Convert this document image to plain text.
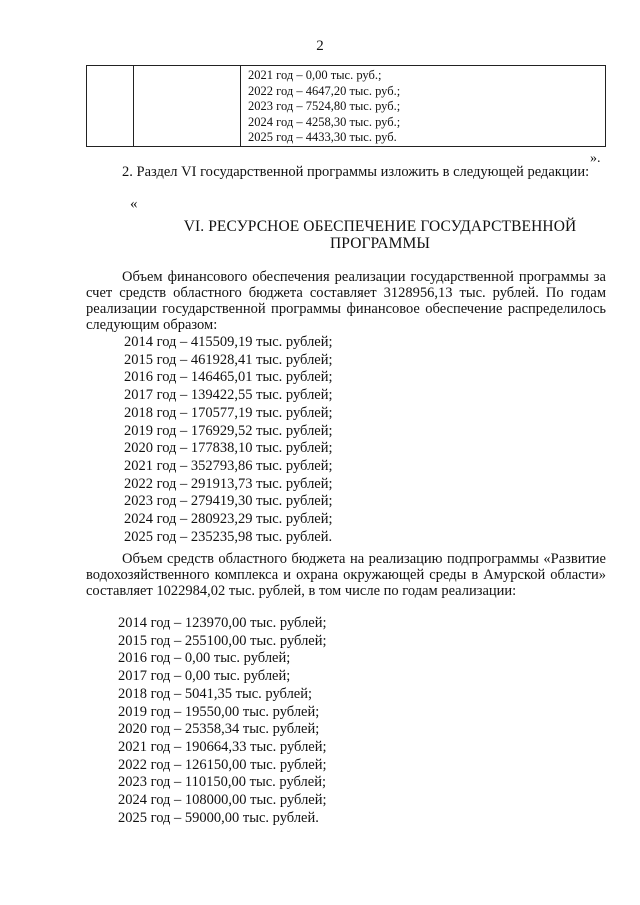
2

2021 год – 0,00 тыс. руб.;
2022 год – 4647,20 тыс. руб.;
2023 год – 7524,80 тыс. руб.;
2024 год – 4258,30 тыс. руб.;
2025 год – 4433,30 тыс. руб.
».
2. Раздел VI государственной программы изложить в следующей редакции:
«
VI. РЕСУРСНОЕ ОБЕСПЕЧЕНИЕ ГОСУДАРСТВЕННОЙ
ПРОГРАММЫ
Объем финансового обеспечения реализации государственной программы за счет средств областного бюджета составляет 3128956,13 тыс. рублей. По годам реализации государственной программы финансовое обеспечение распределилось следующим образом:
2014 год – 415509,19 тыс. рублей;
2015 год – 461928,41 тыс. рублей;
2016 год – 146465,01 тыс. рублей;
2017 год – 139422,55 тыс. рублей;
2018 год – 170577,19 тыс. рублей;
2019 год – 176929,52 тыс. рублей;
2020 год – 177838,10 тыс. рублей;
2021 год – 352793,86 тыс. рублей;
2022 год – 291913,73 тыс. рублей;
2023 год – 279419,30 тыс. рублей;
2024 год – 280923,29 тыс. рублей;
2025 год – 235235,98 тыс. рублей.
Объем средств областного бюджета на реализацию подпрограммы «Развитие водохозяйственного комплекса и охрана окружающей среды в Амурской области» составляет 1022984,02 тыс. рублей, в том числе по годам реализации:
2014 год – 123970,00 тыс. рублей;
2015 год – 255100,00 тыс. рублей;
2016 год – 0,00 тыс. рублей;
2017 год – 0,00 тыс. рублей;
2018 год – 5041,35 тыс. рублей;
2019 год – 19550,00 тыс. рублей;
2020 год – 25358,34 тыс. рублей;
2021 год – 190664,33 тыс. рублей;
2022 год – 126150,00 тыс. рублей;
2023 год – 110150,00 тыс. рублей;
2024 год – 108000,00 тыс. рублей;
2025 год – 59000,00 тыс. рублей.
